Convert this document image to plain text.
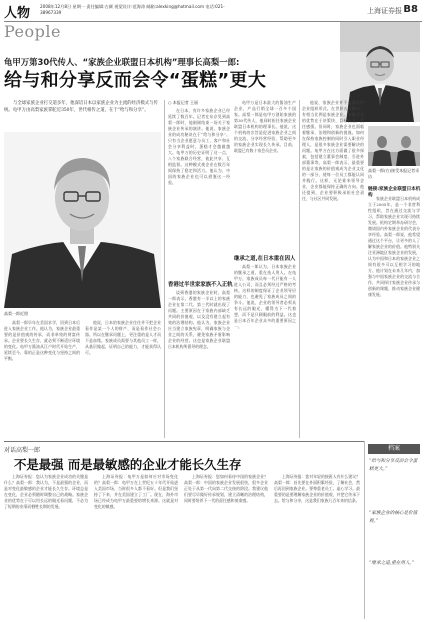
人物 2008年12月8日 星期一 责任编辑:古颜 视觉设计:范海涛 邮箱:alexking@hotmail.com 电话:021-38967339	上海证券报 B8
People
龟甲万第30代传人、“家族企业联盟日本机构”理事长高梨一郎:
给与和分享反而会令“蛋糕”更大
与全球家族企业打交道多年，他深谙日本以家族企业为主流的经济模式与传统。龟甲万由高梨家族掌舵近350年，世代相传之道，在于“给与和分享”。
高梨一郎近照
高梨一郎早年在美国求学，回到日本后进入家族企业工作。他认为，家族企业最重要的是价值观的传承，而非单纯的财富传承。企业要长久生存，就必须不断适应环境的变化。龟甲万酱油从江户时代开始生产，延续至今，靠的正是这种变化与坚持之间的平衡。
他说，日本的家族企业往往并不把企业看作是某一个人的财产，而是看作社会公器。所以在继承问题上，更注重的是人才而不是血缘。家族成员需要与其他员工一样，从基层做起，证明自己的能力，才能获得认可。
○ 本报记者 王丽
在日本，有许多家族企业已经延续了数百年。记者在东京见到高梨一郎时，他刚刚结束一场关于家族企业传承的演讲。他说，家族企业的成功秘诀在于“给与和分享”。只有当企业愿意与员工、客户和社会分享利益时，蛋糕才会越做越大。龟甲万的历史证明了这一点，八个家族联合经营，彼此共享，互相监督。这种模式使企业在数百年间保持了稳定和活力。他认为，中国的家族企业也可以借鉴这一经验。
香港过半世家家族不入正轨
谈到香港的家族企业时，高梨一郎表示，香港有一半以上的家族企业在第二代、第三代时就出现了问题。主要原因在于家族内部缺乏共同的价值观，以及没有建立起有效的治理结构。他认为，家族企业应当建立家族宪章，明确家族与企业之间的关系，避免家族矛盾影响企业的经营。这也是家族企业联盟日本机构所倡导的理念。
龟甲万是日本最大的酱油生产企业，产品行销全球一百多个国家。高梨一郎是龟甲万创始家族的第30代传人，他同时担任家族企业联盟日本机构的理事长。他说，这个机构的宗旨是促进家族企业之间的交流，分享经营经验，帮助更多的家族企业实现长久传承。目前，联盟已有数十家会员企业。
继承之道,在日本重在因人
高梨一郎认为，日本家族企业的继承之道，重在选人用人。在龟甲万，家族成员每一代只能有一人进入公司，而且必须经过严格的考核。这样的制度保证了企业领导层的能力，也避免了家族成员之间的争斗。他说，企业的领导者必须具有长远的眼光，懂得为下一代着想，而不是只顾眼前的利益。这也是日本百年企业众多的重要原因之一。
他说，家族企业并不是落后的企业组织形式。在世界五百强中，有相当比例是家族企业。家族企业的优势在于决策快、目标长远、责任感强。但同时，家族企业也面临着继承、治理和创新的挑战。如何在保持家族控制的同时引入职业经理人，是很多家族企业需要解决的问题。龟甲万在这方面做了很多探索，包括建立董事会制度、引进外部董事等。高梨一郎表示，最重要的是让家族的价值观成为企业文化的一部分，使每一位员工都能认同并践行。这样，无论谁来领导企业，企业都能保持正确的方向。他还提到，企业要积极承担社会责任，与社区共同发展。
高梨一郎(右)接受本报记者采访
链接:家族企业联盟日本机构
家族企业联盟日本机构成立于2005年，是一个非营利性组织，旨在通过交流与学习，帮助家族企业实现可持续发展。机构定期举办研讨会，邀请国内外家族企业的代表分享经验。高梨一郎说，他希望通过这个平台，让更多的人了解家族企业的价值。他特别关注亚洲地区家族企业的发展，认为中国和日本的家族企业之间有很多可以互相学习的地方。他计划在未来几年内，加强与中国家族企业的交流与合作，共同探讨家族企业传承与创新的课题，推动家族企业健康发展。
对话高梨一郎
不是最强 而是最敏感的企业才能长久生存
上海证券报：您认为家族企业成功的关键是什么？高梨一郎：我认为，不是最强的企业，而是对变化最敏感的企业才能长久生存。环境总是在变化，企业必须随时调整自己的战略。家族企业的优势在于可以用长远的眼光看问题，不必为了短期的业绩而牺牲长期的发展。
上海证券报：龟甲万是如何应对市场变化的？高梨一郎：龟甲万在上世纪五十年代开始进入美国市场，当时很多人都不看好。但是我们坚持了下来，并在美国建立了工厂。现在，海外市场已经成为龟甲万最重要的增长来源。这就是对变化的敏感。
上海证券报：您如何看待中国的家族企业？高梨一郎：中国的家族企业发展很快，很多企业正处于从第一代向第二代交接的阶段。我建议他们要尽早做好传承规划，建立清晰的治理结构，同时要培养下一代的责任感和使命感。
上海证券报：您对年轻的接班人有什么建议？高梨一郎：首先要在外面积累经验，了解社会，然后再回到家族企业。要尊重老员工，虚心学习。最重要的是要理解家族企业的价值观，并把它传承下去。给与和分享，这是我们家族几百年来的信条。
档案
“给与和分享反而会令蛋糕更大。”
“家族企业的核心是价值观。”
“继承之道,重在用人。”
